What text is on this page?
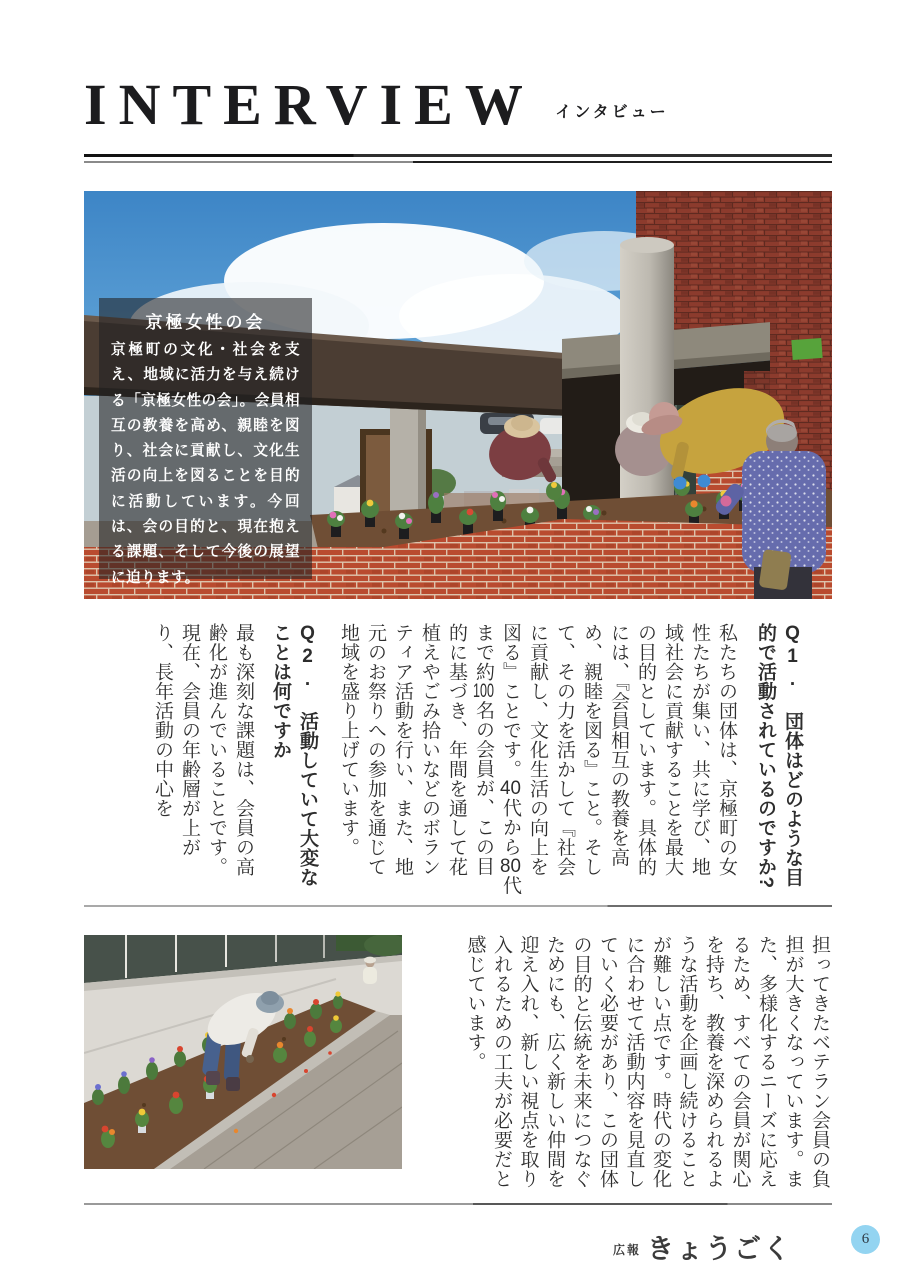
INTERVIEW インタビュー
京極女性の会
京極町の文化・社会を支え、地域に活力を与え続ける「京極女性の会」。会員相互の教養を高め、親睦を図り、社会に貢献し、文化生活の向上を図ることを目的に活動しています。今回は、会の目的と、現在抱える課題、そして今後の展望に迫ります。

Q1.　団体はどのような目的で活動されているのですか?

私たちの団体は、京極町の女性たちが集い、共に学び、地域社会に貢献することを最大の目的としています。具体的には、『会員相互の教養を高め、親睦を図る』こと。そして、その力を活かして『社会に貢献し、文化生活の向上を図る』ことです。40代から80代まで約100名の会員が、この目的に基づき、年間を通して花植えやごみ拾いなどのボランティア活動を行い、また、地元のお祭りへの参加を通じて地域を盛り上げています。

Q2.　活動していて大変なことは何ですか

最も深刻な課題は、会員の高齢化が進んでいることです。現在、会員の年齢層が上がり、長年活動の中心を

担ってきたベテラン会員の負担が大きくなっています。また、多様化するニーズに応えるため、すべての会員が関心を持ち、教養を深められるような活動を企画し続けることが難しい点です。時代の変化に合わせて活動内容を見直していく必要があり、この団体の目的と伝統を未来につなぐためにも、広く新しい仲間を迎え入れ、新しい視点を取り入れるための工夫が必要だと感じています。

$^{広報}$ きょうごく	6
